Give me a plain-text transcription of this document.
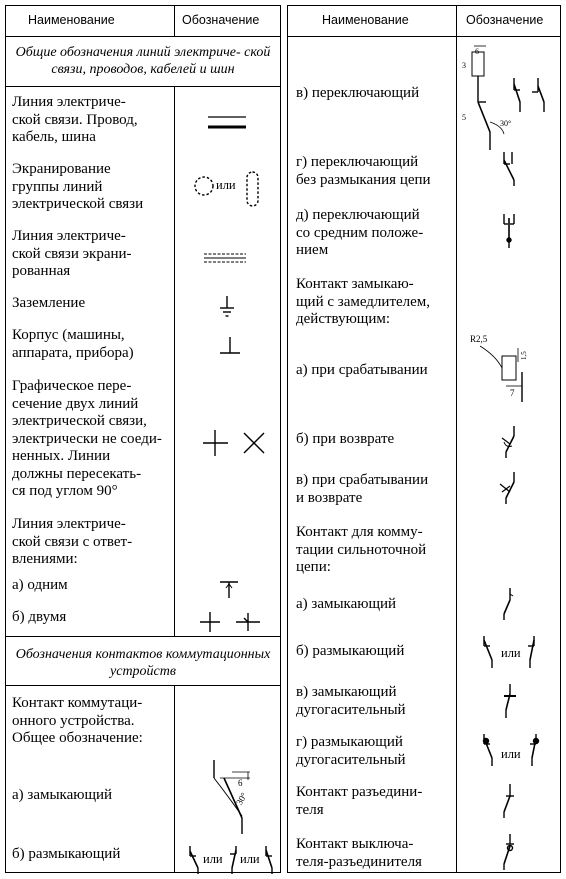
Наименование	Обозначение
Общие обозначения линий электриче- ской связи, проводов, кабелей и шин
Обозначения контактов коммутационных устройств
Линия электриче-
ской связи. Провод,
кабель, шина
Экранирование
группы линий
электрической связи
Линия электриче-
ской связи экрани-
рованная
Заземление
Корпус (машины,
аппарата, прибора)
Графическое пере-
сечение двух линий
электрической связи,
электрически не соеди-
ненных. Линии
должны пересекать-
ся под углом 90°
Линия электриче-
ской связи с ответ-
влениями:
а) одним
б) двумя
Контакт коммутаци-
онного устройства.
Общее обозначение:
а) замыкающий
б) размыкающий
или
6
30°
или или
Наименование	Обозначение
в) переключающий
г) переключающий
без размыкания цепи
д) переключающий
со средним положе-
нием
Контакт замыкаю-
щий с замедлителем,
действующим:
а) при срабатывании
б) при возврате
в) при срабатывании
и возврате
Контакт для комму-
тации сильноточной
цепи:
а) замыкающий
б) размыкающий
в) замыкающий
дугогасительный
г) размыкающий
дугогасительный
Контакт разъедини-
теля
Контакт выключа-
теля-разъединителя
6
3
5
30°
R2,5
1,5
7
или
или
